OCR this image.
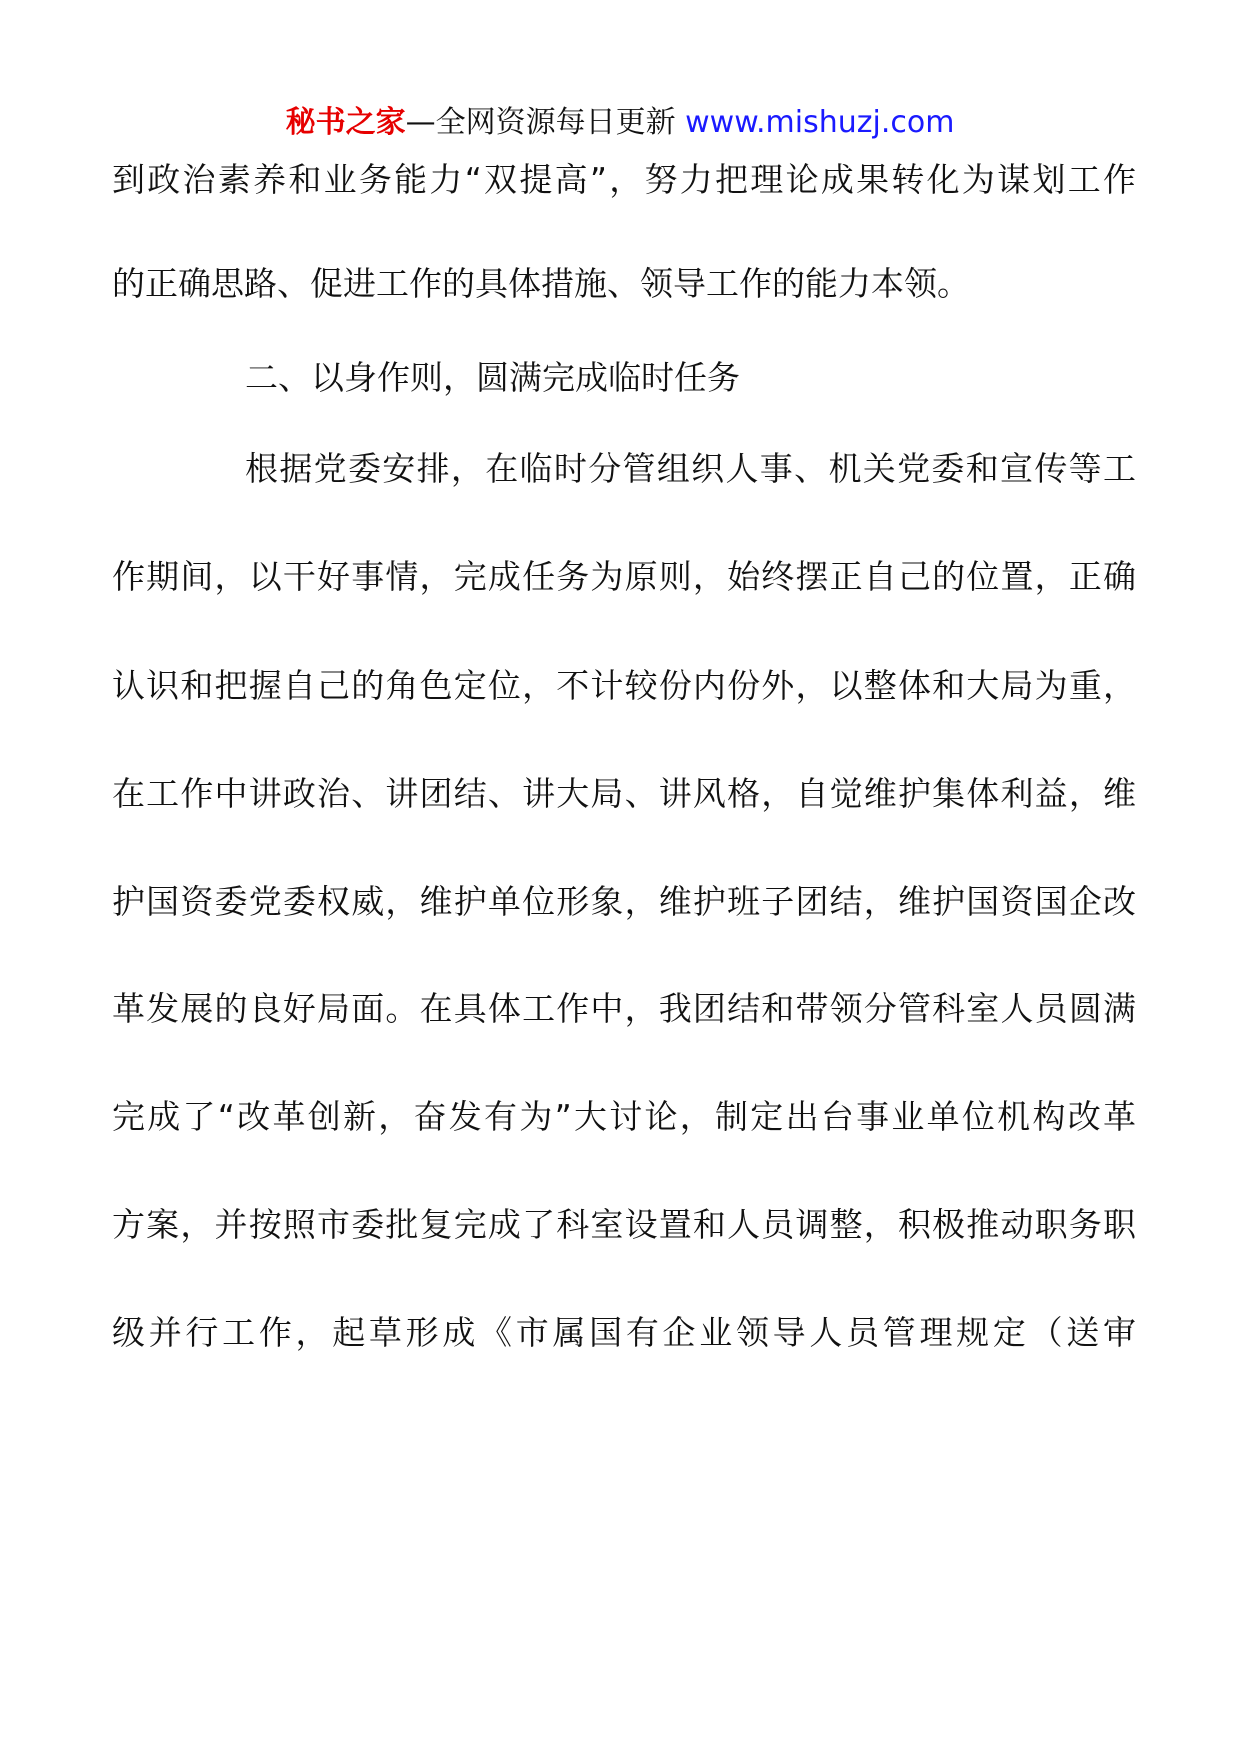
秘书之家—全网资源每日更新 www.mishuzj.com
到政治素养和业务能力“双提高”，努力把理论成果转化为谋划工作
的正确思路、促进工作的具体措施、领导工作的能力本领。
二、以身作则，圆满完成临时任务
根据党委安排，在临时分管组织人事、机关党委和宣传等工
作期间，以干好事情，完成任务为原则，始终摆正自己的位置，正确
认识和把握自己的角色定位，不计较份内份外，以整体和大局为重，
在工作中讲政治、讲团结、讲大局、讲风格，自觉维护集体利益，维
护国资委党委权威，维护单位形象，维护班子团结，维护国资国企改
革发展的良好局面。在具体工作中，我团结和带领分管科室人员圆满
完成了“改革创新，奋发有为”大讨论，制定出台事业单位机构改革
方案，并按照市委批复完成了科室设置和人员调整，积极推动职务职
级并行工作，起草形成《市属国有企业领导人员管理规定（送审
